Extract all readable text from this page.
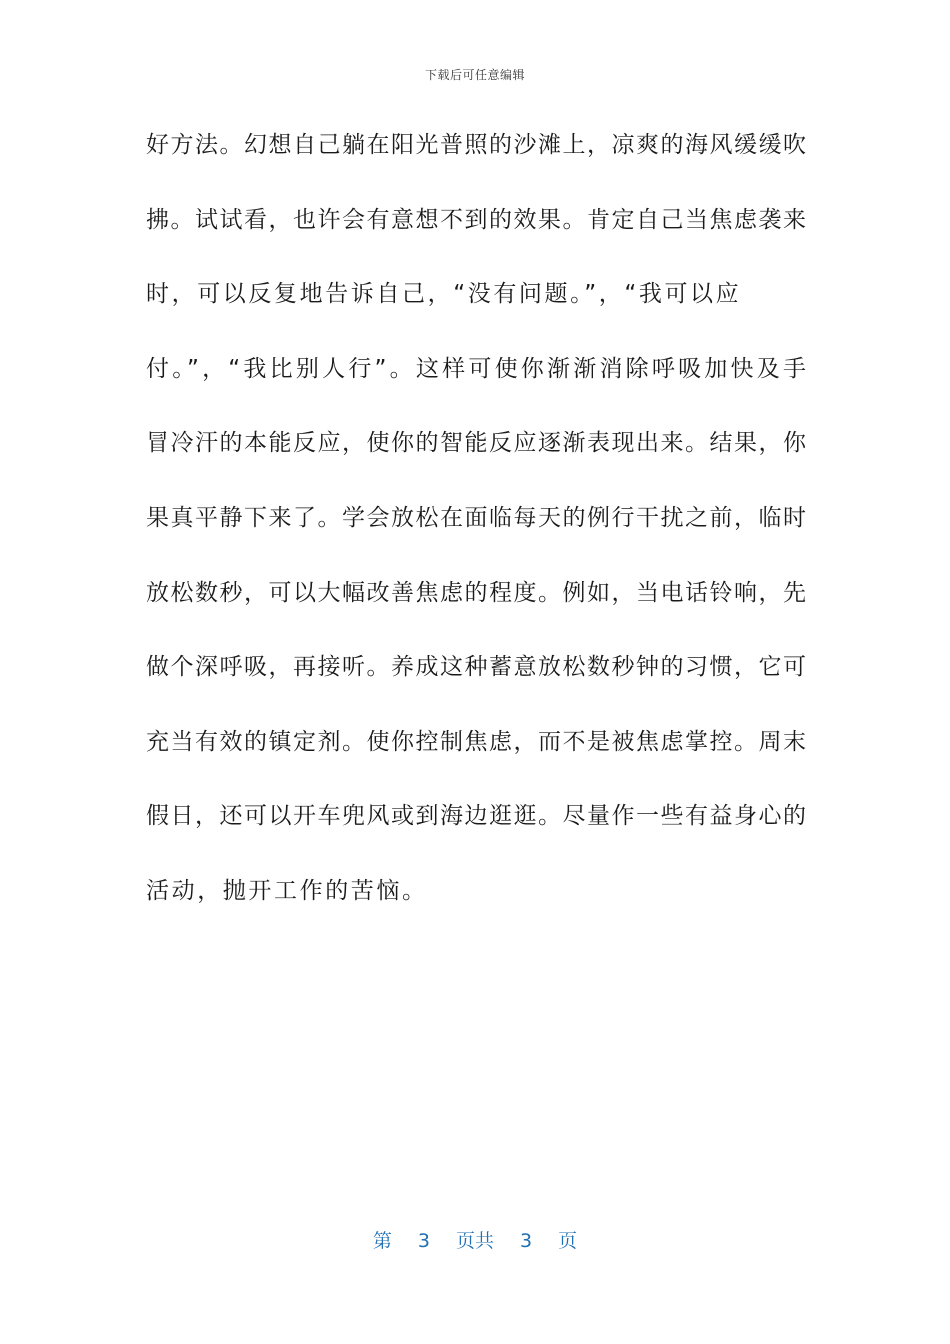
下载后可任意编辑
好方法。幻想自己躺在阳光普照的沙滩上，凉爽的海风缓缓吹
拂。试试看，也许会有意想不到的效果。肯定自己当焦虑袭来
时，可以反复地告诉自己，“没有问题。”，“我可以应
付。”，“我比别人行”。这样可使你渐渐消除呼吸加快及手
冒冷汗的本能反应，使你的智能反应逐渐表现出来。结果，你
果真平静下来了。学会放松在面临每天的例行干扰之前，临时
放松数秒，可以大幅改善焦虑的程度。例如，当电话铃响，先
做个深呼吸，再接听。养成这种蓄意放松数秒钟的习惯，它可
充当有效的镇定剂。使你控制焦虑，而不是被焦虑掌控。周末
假日，还可以开车兜风或到海边逛逛。尽量作一些有益身心的
活动，抛开工作的苦恼。
第 3 页共 3 页
